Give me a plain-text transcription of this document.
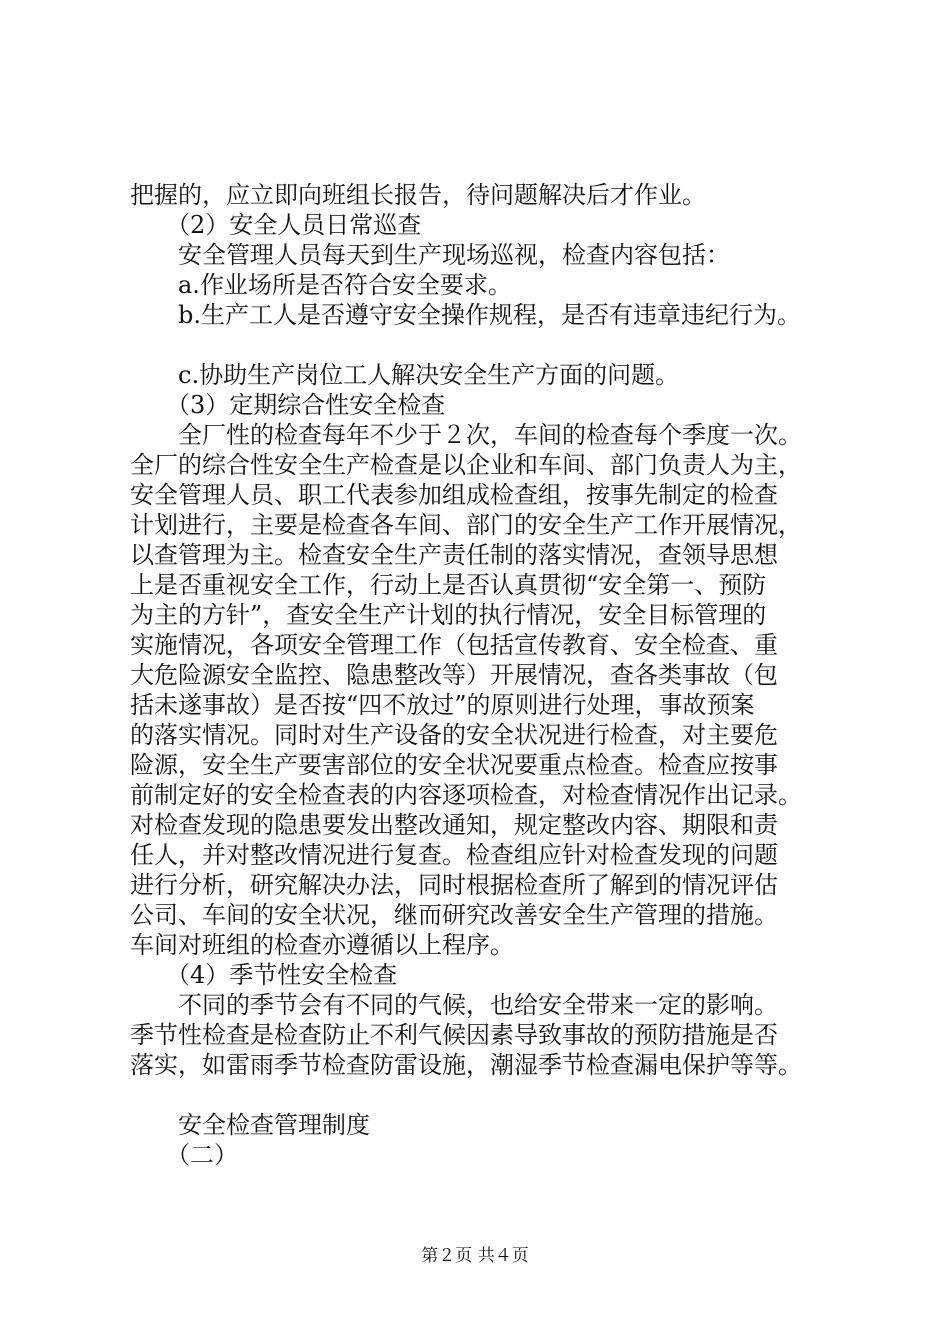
把握的，应立即向班组长报告，待问题解决后才作业。
（2）安全人员日常巡查
安全管理人员每天到生产现场巡视，检查内容包括：
a.作业场所是否符合安全要求。
b.生产工人是否遵守安全操作规程，是否有违章违纪行为。
c.协助生产岗位工人解决安全生产方面的问题。
（3）定期综合性安全检查
全厂性的检查每年不少于２次，车间的检查每个季度一次。
全厂的综合性安全生产检查是以企业和车间、部门负责人为主，
安全管理人员、职工代表参加组成检查组，按事先制定的检查
计划进行，主要是检查各车间、部门的安全生产工作开展情况，
以查管理为主。检查安全生产责任制的落实情况，查领导思想
上是否重视安全工作，行动上是否认真贯彻“安全第一、预防
为主的方针”，查安全生产计划的执行情况，安全目标管理的
实施情况，各项安全管理工作（包括宣传教育、安全检查、重
大危险源安全监控、隐患整改等）开展情况，查各类事故（包
括未遂事故）是否按“四不放过”的原则进行处理，事故预案
的落实情况。同时对生产设备的安全状况进行检查，对主要危
险源，安全生产要害部位的安全状况要重点检查。检查应按事
前制定好的安全检查表的内容逐项检查，对检查情况作出记录。
对检查发现的隐患要发出整改通知，规定整改内容、期限和责
任人，并对整改情况进行复查。检查组应针对检查发现的问题
进行分析，研究解决办法，同时根据检查所了解到的情况评估
公司、车间的安全状况，继而研究改善安全生产管理的措施。
车间对班组的检查亦遵循以上程序。
（4）季节性安全检查
不同的季节会有不同的气候，也给安全带来一定的影响。
季节性检查是检查防止不利气候因素导致事故的预防措施是否
落实，如雷雨季节检查防雷设施，潮湿季节检查漏电保护等等。
安全检查管理制度
（二）
第２页 共４页
